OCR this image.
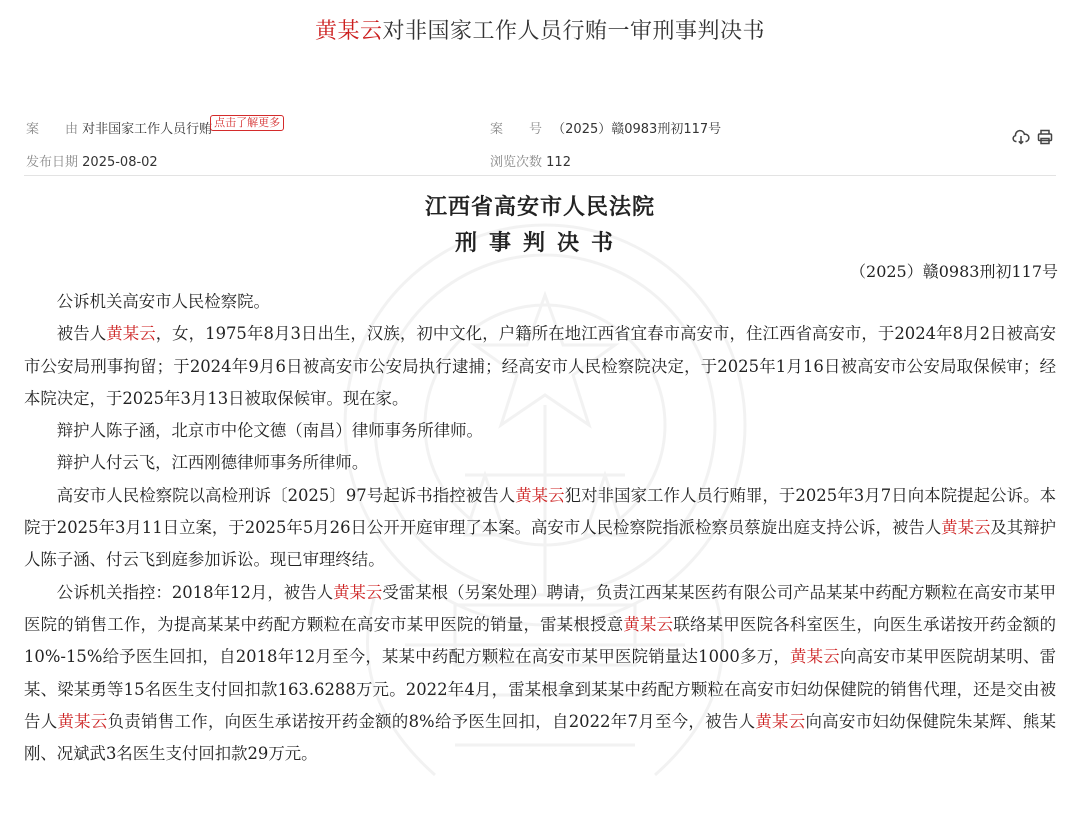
黄某云对非国家工作人员行贿一审刑事判决书
案　　由 对非国家工作人员行贿 点击了解更多	案　　号 （2025）赣0983刑初117号
发布日期 2025-08-02	浏览次数 112
江西省高安市人民法院
刑事判决书
（2025）赣0983刑初117号

公诉机关高安市人民检察院。

被告人黄某云，女，1975年8月3日出生，汉族，初中文化，户籍所在地江西省宜春市高安市，住江西省高安市，于2024年8月2日被高安市公安局刑事拘留；于2024年9月6日被高安市公安局执行逮捕；经高安市人民检察院决定，于2025年1月16日被高安市公安局取保候审；经本院决定，于2025年3月13日被取保候审。现在家。

辩护人陈子涵，北京市中伦文德（南昌）律师事务所律师。

辩护人付云飞，江西刚德律师事务所律师。

高安市人民检察院以高检刑诉〔2025〕97号起诉书指控被告人黄某云犯对非国家工作人员行贿罪，于2025年3月7日向本院提起公诉。本院于2025年3月11日立案，于2025年5月26日公开开庭审理了本案。高安市人民检察院指派检察员蔡旋出庭支持公诉，被告人黄某云及其辩护人陈子涵、付云飞到庭参加诉讼。现已审理终结。

公诉机关指控：2018年12月，被告人黄某云受雷某根（另案处理）聘请，负责江西某某医药有限公司产品某某中药配方颗粒在高安市某甲医院的销售工作，为提高某某中药配方颗粒在高安市某甲医院的销量，雷某根授意黄某云联络某甲医院各科室医生，向医生承诺按开药金额的10%-15%给予医生回扣，自2018年12月至今，某某中药配方颗粒在高安市某甲医院销量达1000多万，黄某云向高安市某甲医院胡某明、雷某、梁某勇等15名医生支付回扣款163.6288万元。2022年4月，雷某根拿到某某中药配方颗粒在高安市妇幼保健院的销售代理，还是交由被告人黄某云负责销售工作，向医生承诺按开药金额的8%给予医生回扣，自2022年7月至今，被告人黄某云向高安市妇幼保健院朱某辉、熊某刚、况斌武3名医生支付回扣款29万元。
